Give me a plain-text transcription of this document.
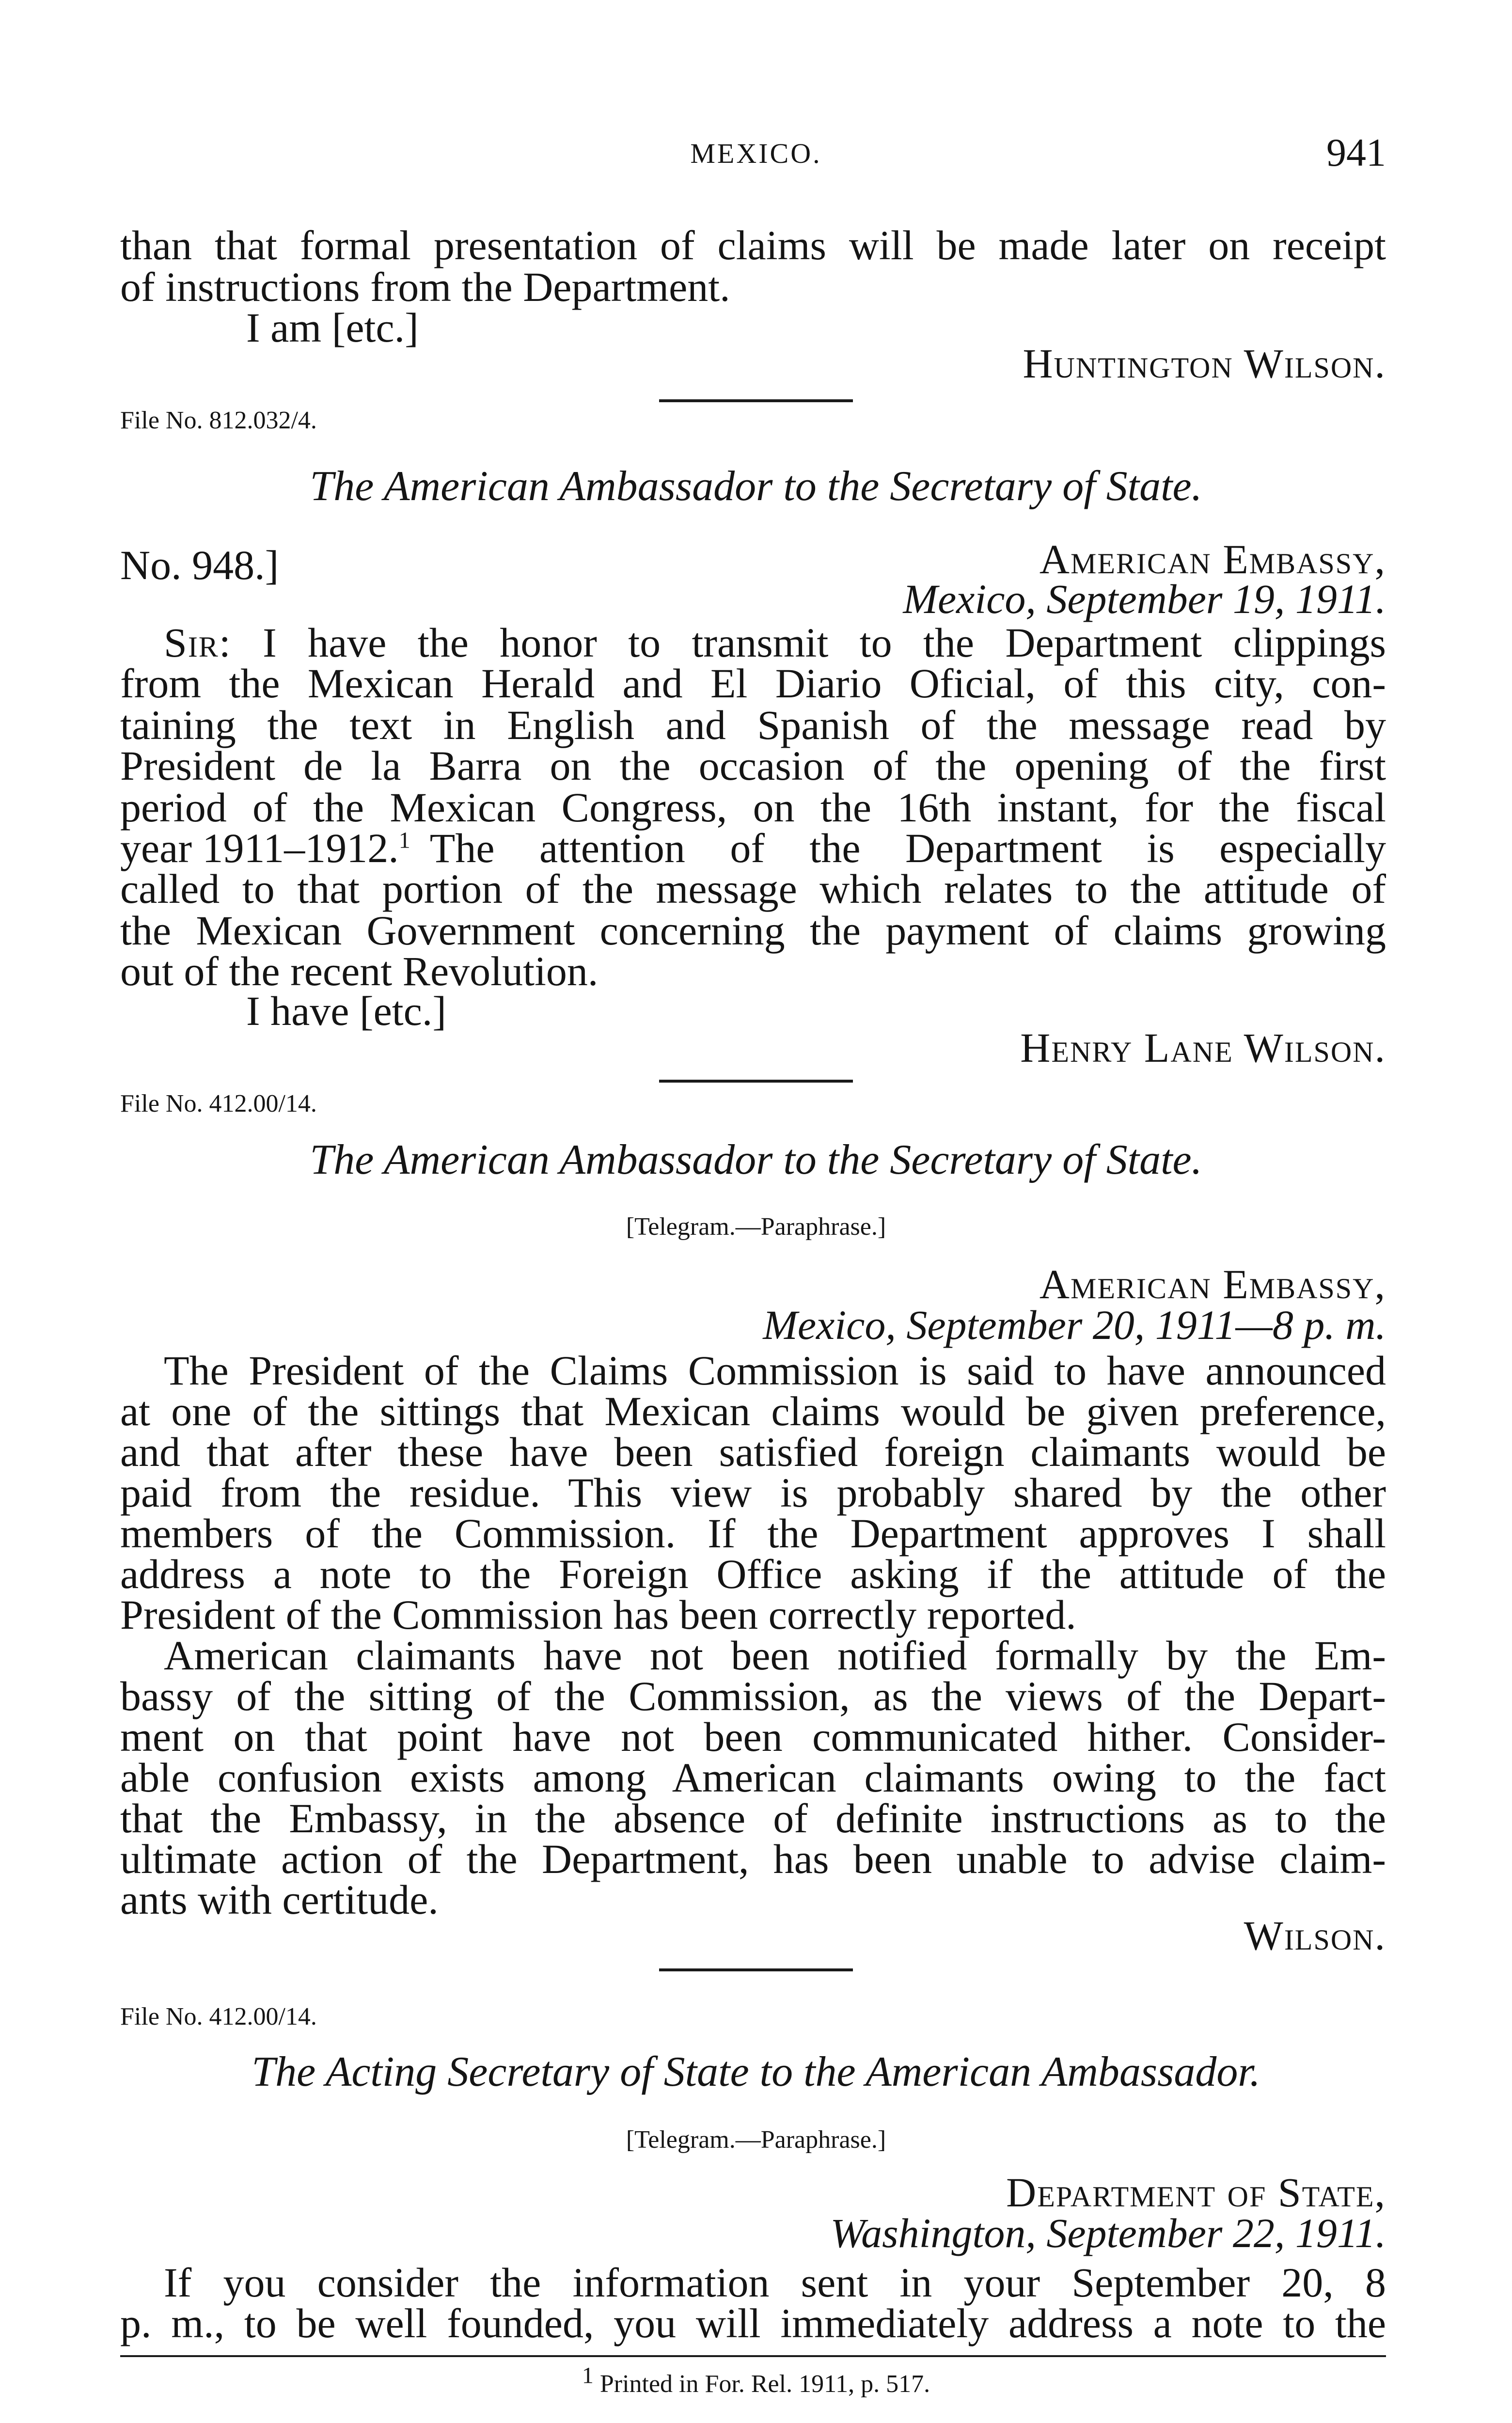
MEXICO.	941
than that formal presentation of claims will be made later on receipt
of instructions from the Department.
I am [etc.]
Huntington Wilson.
File No. 812.032/4.
The American Ambassador to the Secretary of State.
No. 948.]	American Embassy,
Mexico, September 19, 1911.
Sir: I have the honor to transmit to the Department clippings
from the Mexican Herald and El Diario Oficial, of this city, con-
taining the text in English and Spanish of the message read by
President de la Barra on the occasion of the opening of the first
period of the Mexican Congress, on the 16th instant, for the fiscal
year 1911–1912.$^1$ The attention of the Department is especially
called to that portion of the message which relates to the attitude of
the Mexican Government concerning the payment of claims growing
out of the recent Revolution.
I have [etc.]
Henry Lane Wilson.
File No. 412.00/14.
The American Ambassador to the Secretary of State.
[Telegram.—Paraphrase.]
American Embassy,
Mexico, September 20, 1911—8 p. m.
The President of the Claims Commission is said to have announced
at one of the sittings that Mexican claims would be given preference,
and that after these have been satisfied foreign claimants would be
paid from the residue. This view is probably shared by the other
members of the Commission. If the Department approves I shall
address a note to the Foreign Office asking if the attitude of the
President of the Commission has been correctly reported.
American claimants have not been notified formally by the Em-
bassy of the sitting of the Commission, as the views of the Depart-
ment on that point have not been communicated hither. Consider-
able confusion exists among American claimants owing to the fact
that the Embassy, in the absence of definite instructions as to the
ultimate action of the Department, has been unable to advise claim-
ants with certitude.
Wilson.
File No. 412.00/14.
The Acting Secretary of State to the American Ambassador.
[Telegram.—Paraphrase.]
Department of State,
Washington, September 22, 1911.
If you consider the information sent in your September 20, 8
p. m., to be well founded, you will immediately address a note to the
$^1$ Printed in For. Rel. 1911, p. 517.
